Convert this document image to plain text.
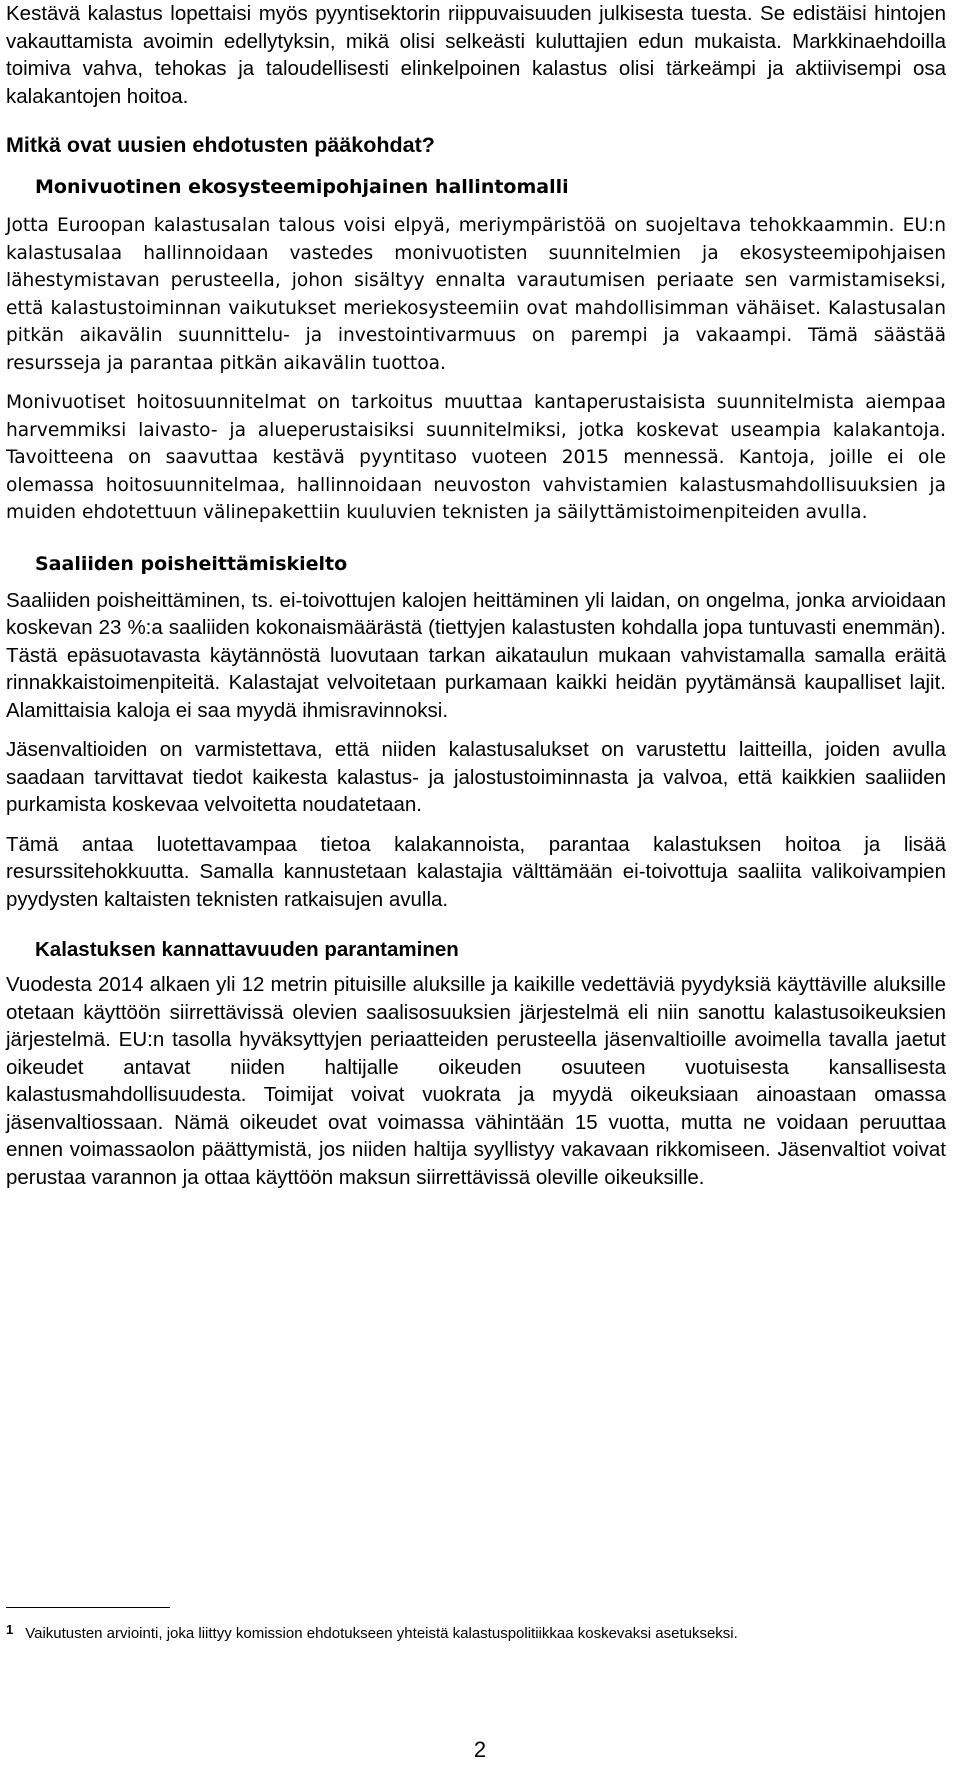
Kestävä kalastus lopettaisi myös pyyntisektorin riippuvaisuuden julkisesta tuesta. Se edistäisi hintojen vakauttamista avoimin edellytyksin, mikä olisi selkeästi kuluttajien edun mukaista. Markkinaehdoilla toimiva vahva, tehokas ja taloudellisesti elinkelpoinen kalastus olisi tärkeämpi ja aktiivisempi osa kalakantojen hoitoa.

Mitkä ovat uusien ehdotusten pääkohdat?
Monivuotinen ekosysteemipohjainen hallintomalli

Jotta Euroopan kalastusalan talous voisi elpyä, meriympäristöä on suojeltava tehokkaammin. EU:n kalastusalaa hallinnoidaan vastedes monivuotisten suunnitelmien ja ekosysteemipohjaisen lähestymistavan perusteella, johon sisältyy ennalta varautumisen periaate sen varmistamiseksi, että kalastustoiminnan vaikutukset meriekosysteemiin ovat mahdollisimman vähäiset. Kalastusalan pitkän aikavälin suunnittelu- ja investointivarmuus on parempi ja vakaampi. Tämä säästää resursseja ja parantaa pitkän aikavälin tuottoa.

Monivuotiset hoitosuunnitelmat on tarkoitus muuttaa kantaperustaisista suunnitelmista aiempaa harvemmiksi laivasto- ja alueperustaisiksi suunnitelmiksi, jotka koskevat useampia kalakantoja. Tavoitteena on saavuttaa kestävä pyyntitaso vuoteen 2015 mennessä. Kantoja, joille ei ole olemassa hoitosuunnitelmaa, hallinnoidaan neuvoston vahvistamien kalastusmahdollisuuksien ja muiden ehdotettuun välinepakettiin kuuluvien teknisten ja säilyttämistoimenpiteiden avulla.

Saaliiden poisheittämiskielto

Saaliiden poisheittäminen, ts. ei-toivottujen kalojen heittäminen yli laidan, on ongelma, jonka arvioidaan koskevan 23 %:a saaliiden kokonaismäärästä (tiettyjen kalastusten kohdalla jopa tuntuvasti enemmän). Tästä epäsuotavasta käytännöstä luovutaan tarkan aikataulun mukaan vahvistamalla samalla eräitä rinnakkaistoimenpiteitä. Kalastajat velvoitetaan purkamaan kaikki heidän pyytämänsä kaupalliset lajit. Alamittaisia kaloja ei saa myydä ihmisravinnoksi.

Jäsenvaltioiden on varmistettava, että niiden kalastusalukset on varustettu laitteilla, joiden avulla saadaan tarvittavat tiedot kaikesta kalastus- ja jalostustoiminnasta ja valvoa, että kaikkien saaliiden purkamista koskevaa velvoitetta noudatetaan.

Tämä antaa luotettavampaa tietoa kalakannoista, parantaa kalastuksen hoitoa ja lisää resurssitehokkuutta. Samalla kannustetaan kalastajia välttämään ei-toivottuja saaliita valikoivampien pyydysten kaltaisten teknisten ratkaisujen avulla.

Kalastuksen kannattavuuden parantaminen

Vuodesta 2014 alkaen yli 12 metrin pituisille aluksille ja kaikille vedettäviä pyydyksiä käyttäville aluksille otetaan käyttöön siirrettävissä olevien saalisosuuksien järjestelmä eli niin sanottu kalastusoikeuksien järjestelmä. EU:n tasolla hyväksyttyjen periaatteiden perusteella jäsenvaltioille avoimella tavalla jaetut oikeudet antavat niiden haltijalle oikeuden osuuteen vuotuisesta kansallisesta kalastusmahdollisuudesta. Toimijat voivat vuokrata ja myydä oikeuksiaan ainoastaan omassa jäsenvaltiossaan. Nämä oikeudet ovat voimassa vähintään 15 vuotta, mutta ne voidaan peruuttaa ennen voimassaolon päättymistä, jos niiden haltija syyllistyy vakavaan rikkomiseen. Jäsenvaltiot voivat perustaa varannon ja ottaa käyttöön maksun siirrettävissä oleville oikeuksille.

1 Vaikutusten arviointi, joka liittyy komission ehdotukseen yhteistä kalastuspolitiikkaa koskevaksi asetukseksi.
2
